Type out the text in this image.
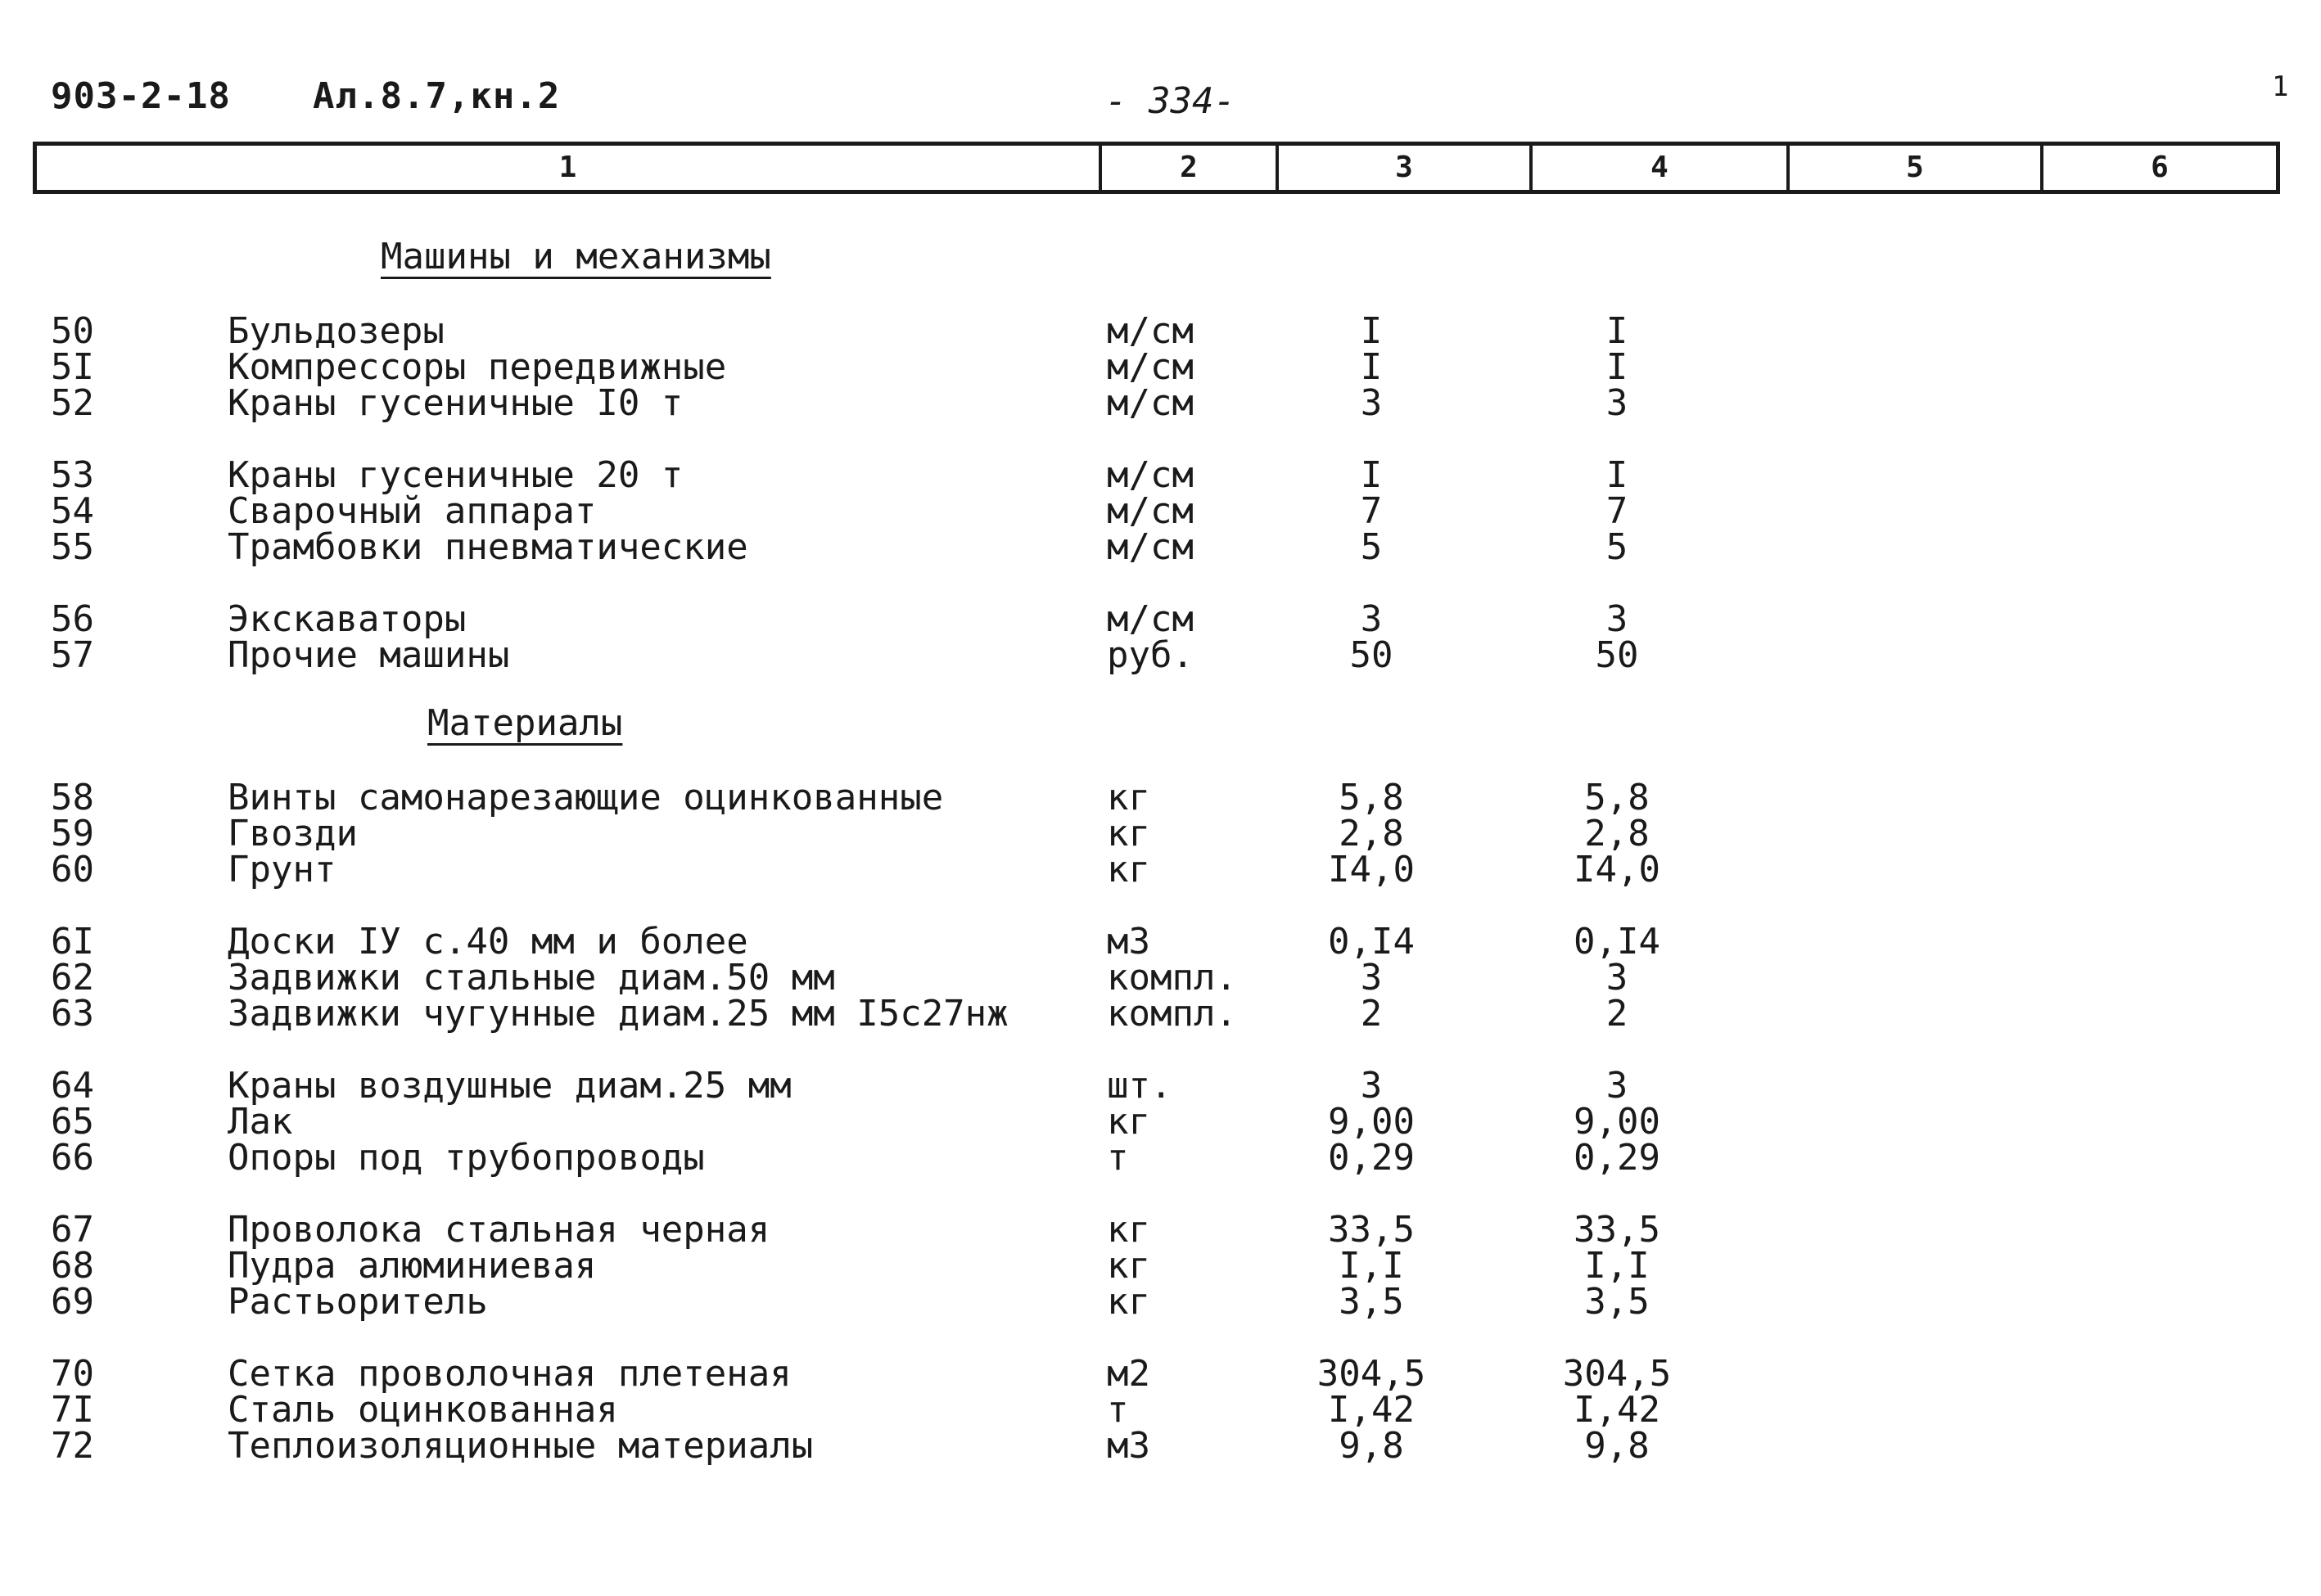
903-2-18 Ал.8.7,кн.2	- 334-	1
1	2	3	4	5	6
Машины и механизмы
Материалы
50	Бульдозеры	м/см	I	I
5I	Компрессоры передвижные	м/см	I	I
52	Краны гусеничные I0 т	м/см	3	3
53	Краны гусеничные 20 т	м/см	I	I
54	Сварочный аппарат	м/см	7	7
55	Трамбовки пневматические	м/см	5	5
56	Экскаваторы	м/см	3	3
57	Прочие машины	руб.	50	50
58	Винты самонарезающие оцинкованные	кг	5,8	5,8
59	Гвозди	кг	2,8	2,8
60	Грунт	кг	I4,0	I4,0
6I	Доски IУ с.40 мм и более	м3	0,I4	0,I4
62	Задвижки стальные диам.50 мм	компл.	3	3
63	Задвижки чугунные диам.25 мм I5с27нж	компл.	2	2
64	Краны воздушные диам.25 мм	шт.	3	3
65	Лак	кг	9,00	9,00
66	Опоры под трубопроводы	т	0,29	0,29
67	Проволока стальная черная	кг	33,5	33,5
68	Пудра алюминиевая	кг	I,I	I,I
69	Растьоритель	кг	3,5	3,5
70	Сетка проволочная плетеная	м2	304,5	304,5
7I	Сталь оцинкованная	т	I,42	I,42
72	Теплоизоляционные материалы	м3	9,8	9,8
